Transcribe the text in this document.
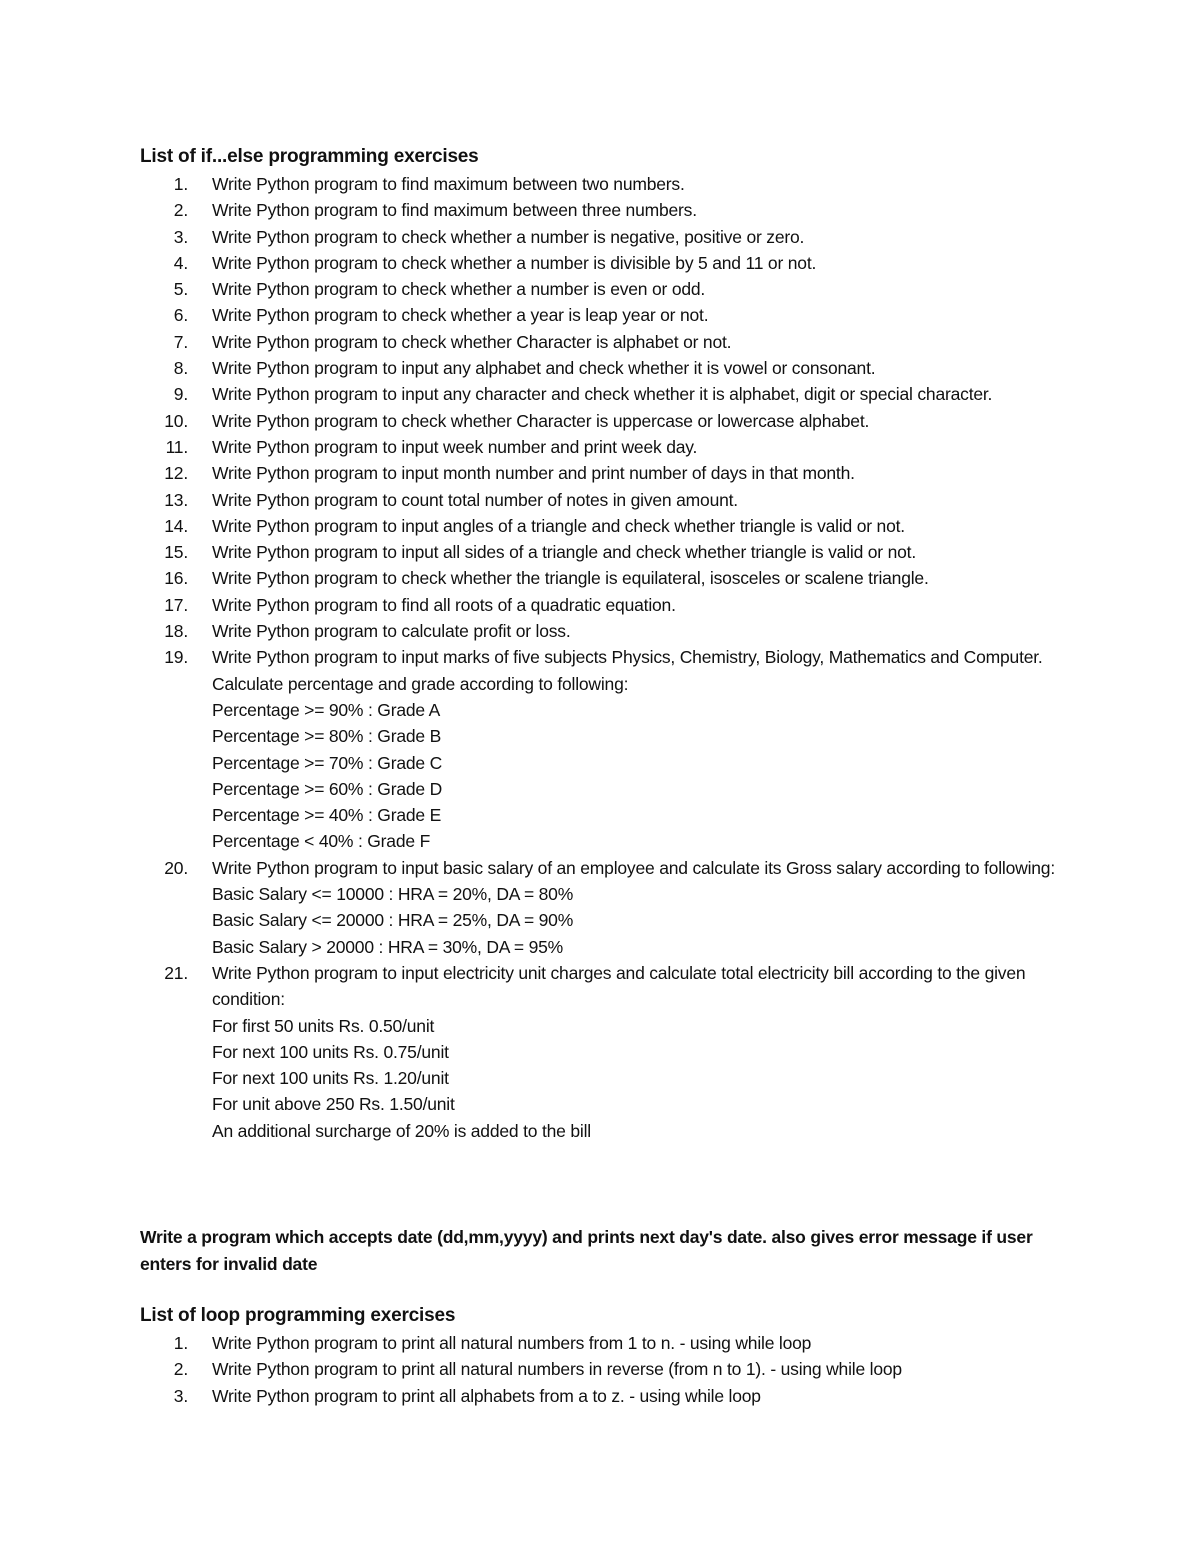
List of if...else programming exercises
1. Write Python program to find maximum between two numbers.
2. Write Python program to find maximum between three numbers.
3. Write Python program to check whether a number is negative, positive or zero.
4. Write Python program to check whether a number is divisible by 5 and 11 or not.
5. Write Python program to check whether a number is even or odd.
6. Write Python program to check whether a year is leap year or not.
7. Write Python program to check whether Character is alphabet or not.
8. Write Python program to input any alphabet and check whether it is vowel or consonant.
9. Write Python program to input any character and check whether it is alphabet, digit or special character.
10. Write Python program to check whether Character is uppercase or lowercase alphabet.
11. Write Python program to input week number and print week day.
12. Write Python program to input month number and print number of days in that month.
13. Write Python program to count total number of notes in given amount.
14. Write Python program to input angles of a triangle and check whether triangle is valid or not.
15. Write Python program to input all sides of a triangle and check whether triangle is valid or not.
16. Write Python program to check whether the triangle is equilateral, isosceles or scalene triangle.
17. Write Python program to find all roots of a quadratic equation.
18. Write Python program to calculate profit or loss.
19. Write Python program to input marks of five subjects Physics, Chemistry, Biology, Mathematics and Computer. Calculate percentage and grade according to following:
Percentage >= 90% : Grade A
Percentage >= 80% : Grade B
Percentage >= 70% : Grade C
Percentage >= 60% : Grade D
Percentage >= 40% : Grade E
Percentage < 40% : Grade F
20. Write Python program to input basic salary of an employee and calculate its Gross salary according to following:
Basic Salary <= 10000 : HRA = 20%, DA = 80%
Basic Salary <= 20000 : HRA = 25%, DA = 90%
Basic Salary > 20000 : HRA = 30%, DA = 95%
21. Write Python program to input electricity unit charges and calculate total electricity bill according to the given condition:
For first 50 units Rs. 0.50/unit
For next 100 units Rs. 0.75/unit
For next 100 units Rs. 1.20/unit
For unit above 250 Rs. 1.50/unit
An additional surcharge of 20% is added to the bill
Write a program which accepts date (dd,mm,yyyy) and prints next day's date. also gives error message if user enters for invalid date
List of loop programming exercises
1. Write Python program to print all natural numbers from 1 to n. - using while loop
2. Write Python program to print all natural numbers in reverse (from n to 1). - using while loop
3. Write Python program to print all alphabets from a to z. - using while loop
